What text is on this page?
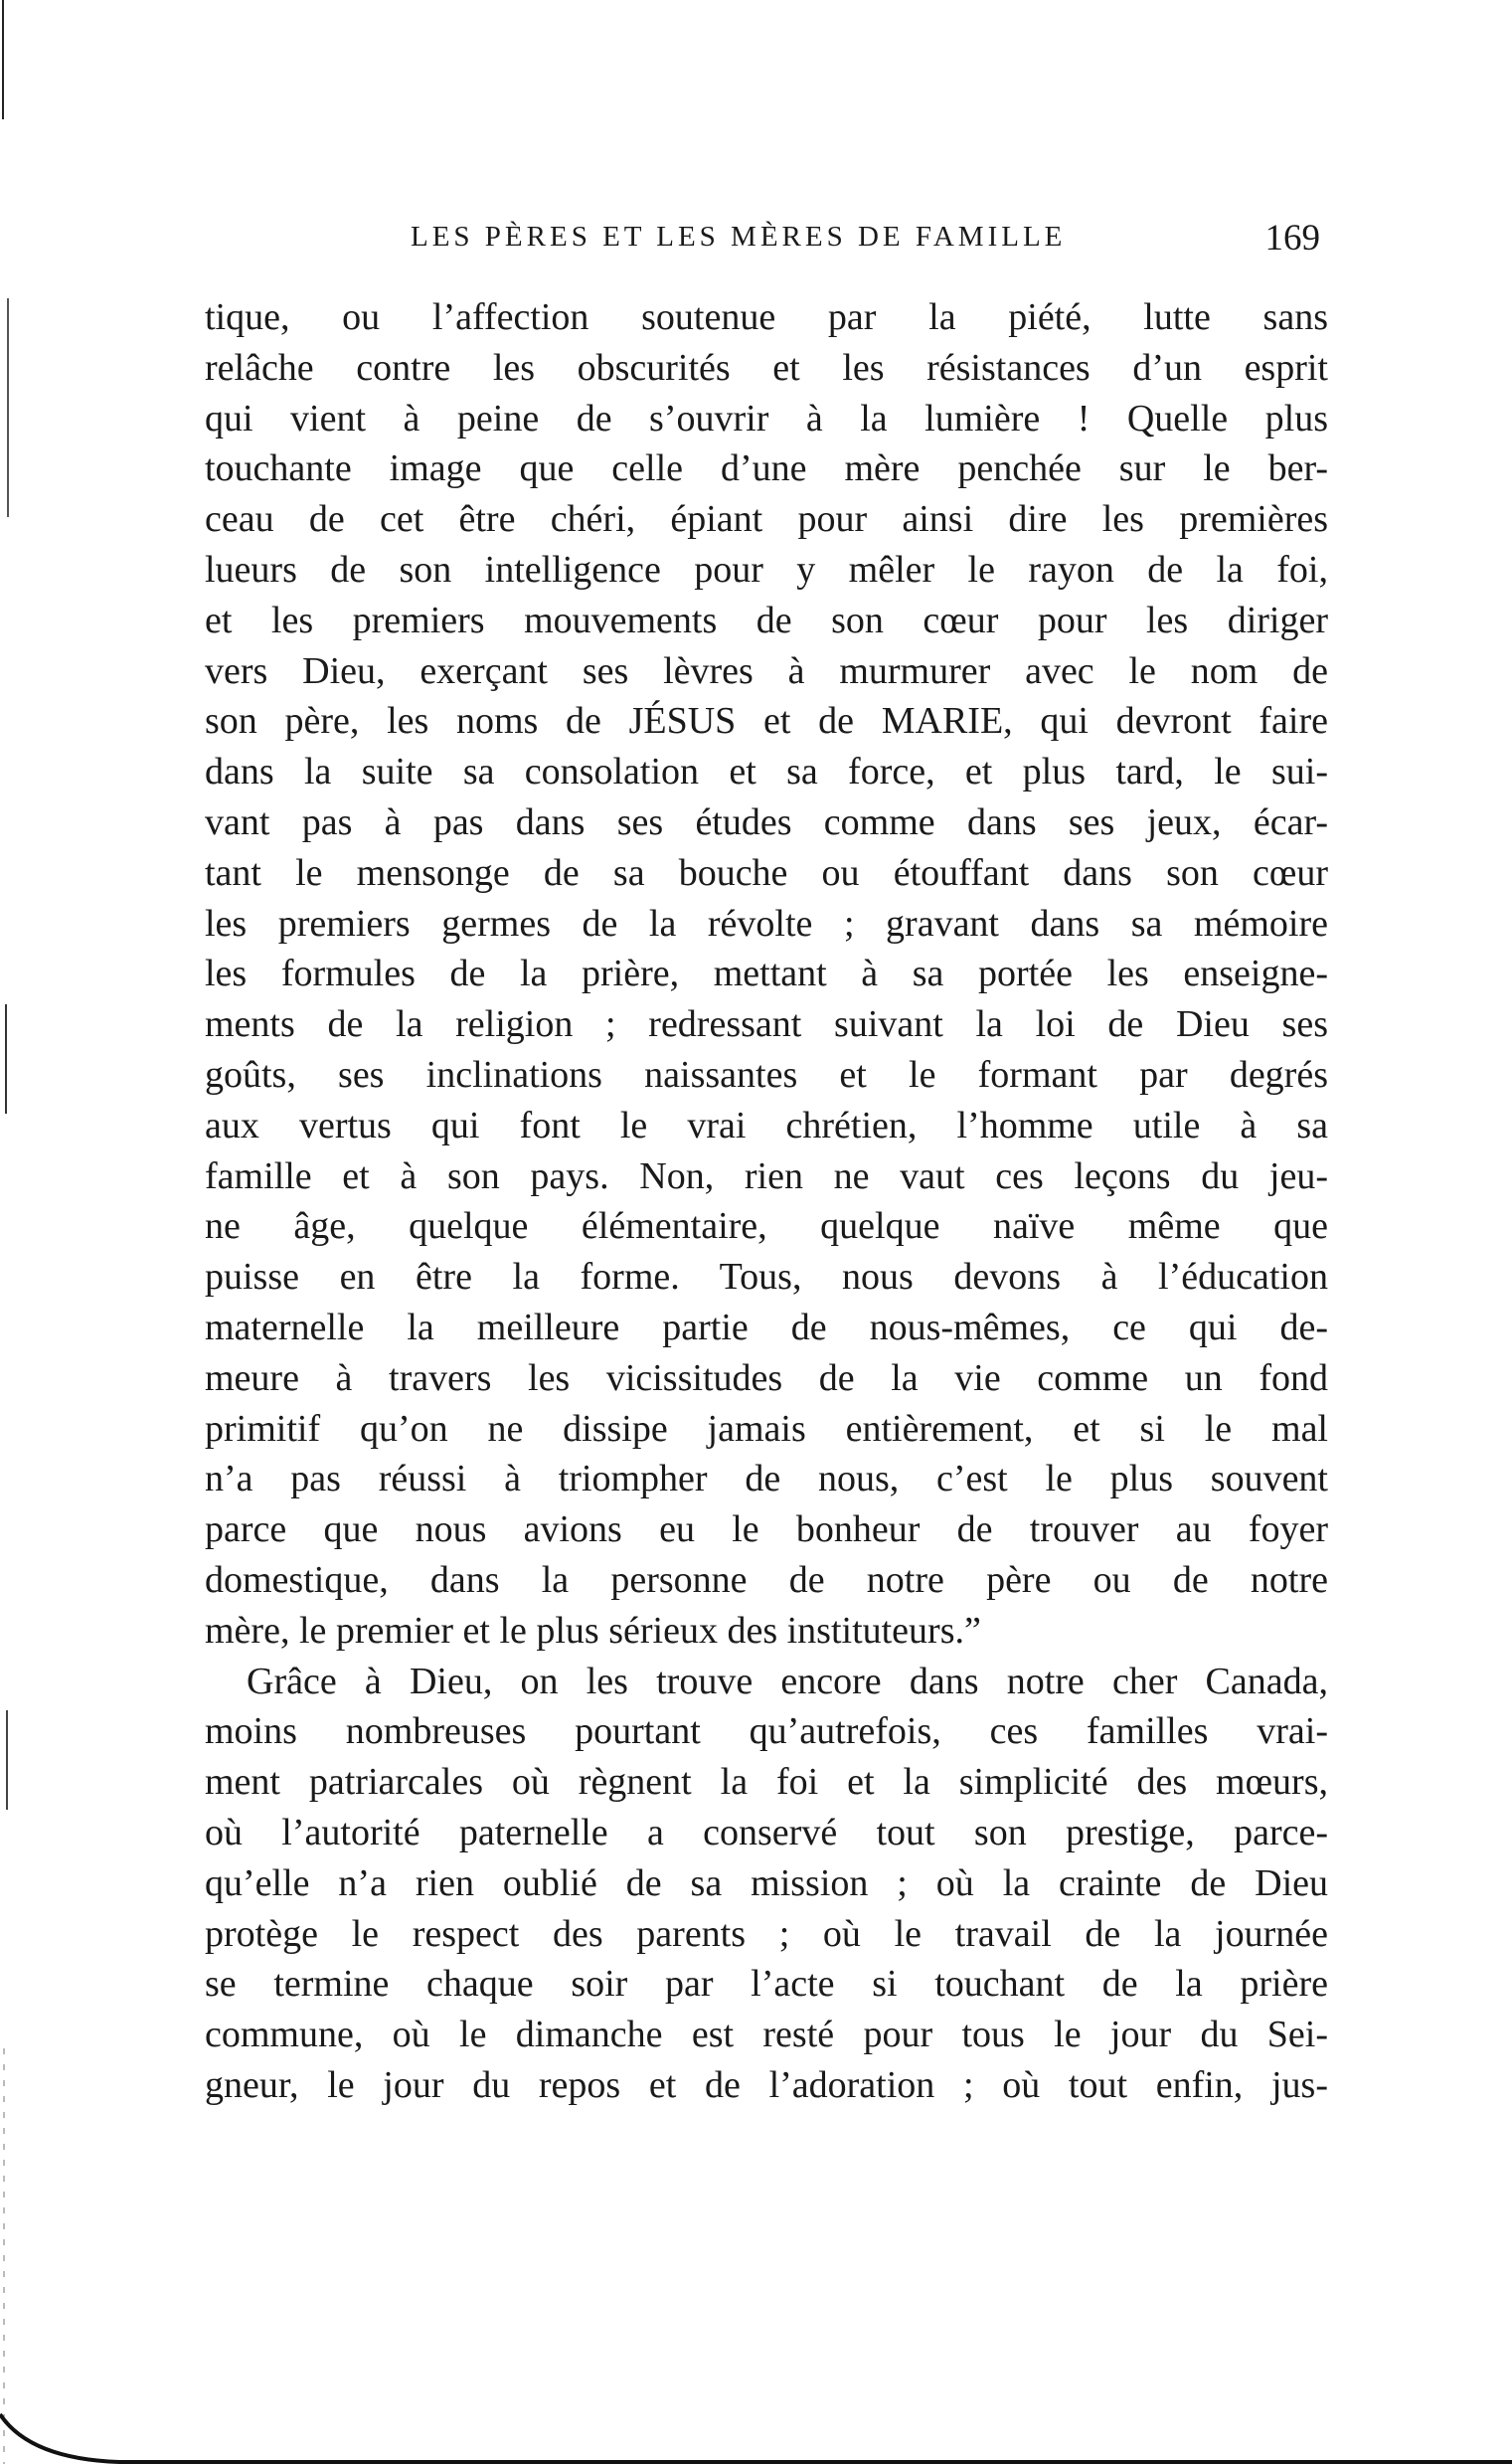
LES PÈRES ET LES MÈRES DE FAMILLE	169
tique, ou l’affection soutenue par la piété, lutte sans
relâche contre les obscurités et les résistances d’un esprit
qui vient à peine de s’ouvrir à la lumière ! Quelle plus
touchante image que celle d’une mère penchée sur le ber-
ceau de cet être chéri, épiant pour ainsi dire les premières
lueurs de son intelligence pour y mêler le rayon de la foi,
et les premiers mouvements de son cœur pour les diriger
vers Dieu, exerçant ses lèvres à murmurer avec le nom de
son père, les noms de JÉSUS et de MARIE, qui devront faire
dans la suite sa consolation et sa force, et plus tard, le sui-
vant pas à pas dans ses études comme dans ses jeux, écar-
tant le mensonge de sa bouche ou étouffant dans son cœur
les premiers germes de la révolte ; gravant dans sa mémoire
les formules de la prière, mettant à sa portée les enseigne-
ments de la religion ; redressant suivant la loi de Dieu ses
goûts, ses inclinations naissantes et le formant par degrés
aux vertus qui font le vrai chrétien, l’homme utile à sa
famille et à son pays. Non, rien ne vaut ces leçons du jeu-
ne âge, quelque élémentaire, quelque naïve même que
puisse en être la forme. Tous, nous devons à l’éducation
maternelle la meilleure partie de nous-mêmes, ce qui de-
meure à travers les vicissitudes de la vie comme un fond
primitif qu’on ne dissipe jamais entièrement, et si le mal
n’a pas réussi à triompher de nous, c’est le plus souvent
parce que nous avions eu le bonheur de trouver au foyer
domestique, dans la personne de notre père ou de notre
mère, le premier et le plus sérieux des instituteurs.”
Grâce à Dieu, on les trouve encore dans notre cher Canada,
moins nombreuses pourtant qu’autrefois, ces familles vrai-
ment patriarcales où règnent la foi et la simplicité des mœurs,
où l’autorité paternelle a conservé tout son prestige, parce-
qu’elle n’a rien oublié de sa mission ; où la crainte de Dieu
protège le respect des parents ; où le travail de la journée
se termine chaque soir par l’acte si touchant de la prière
commune, où le dimanche est resté pour tous le jour du Sei-
gneur, le jour du repos et de l’adoration ; où tout enfin, jus-
